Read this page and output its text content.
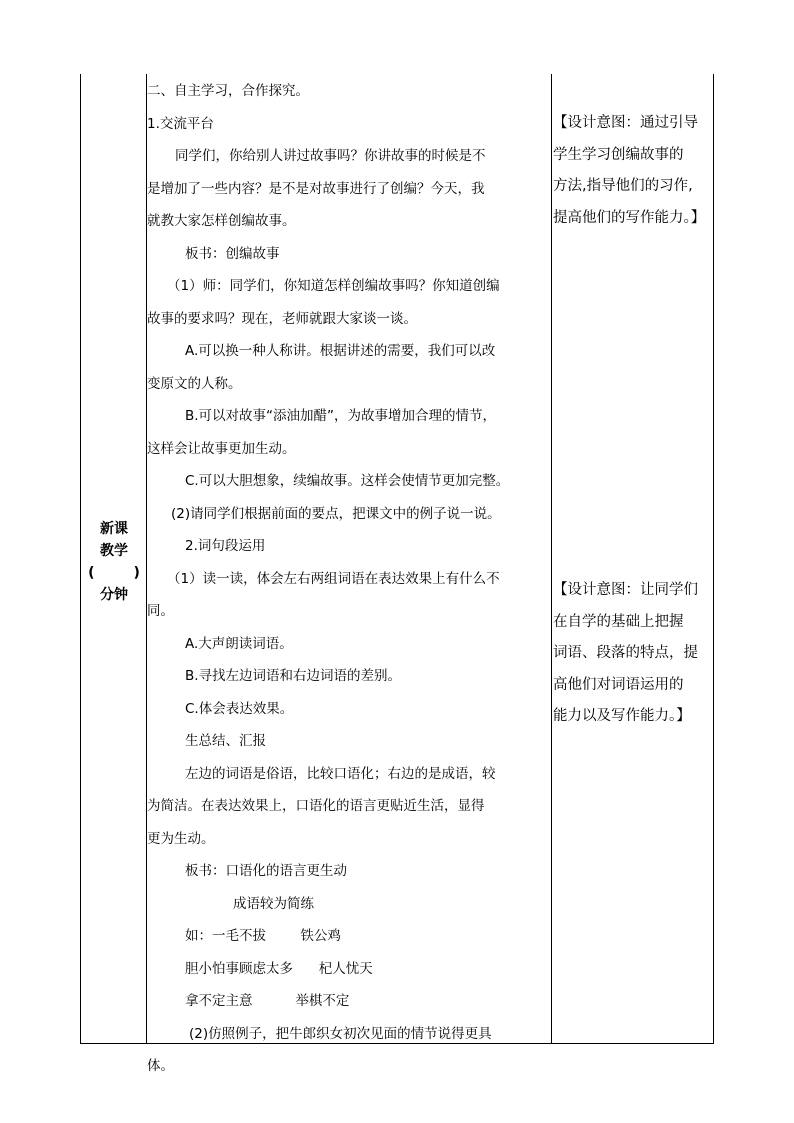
新课
教学
(        )
分钟
二、自主学习，合作探究。
1.交流平台
同学们，你给别人讲过故事吗？你讲故事的时候是不
是增加了一些内容？是不是对故事进行了创编？今天，我
就教大家怎样创编故事。
板书：创编故事
（1）师：同学们，你知道怎样创编故事吗？你知道创编
故事的要求吗？现在，老师就跟大家谈一谈。
A.可以换一种人称讲。根据讲述的需要，我们可以改
变原文的人称。
B.可以对故事“添油加醋”，为故事增加合理的情节，
这样会让故事更加生动。
C.可以大胆想象，续编故事。这样会使情节更加完整。
(2)请同学们根据前面的要点，把课文中的例子说一说。
2.词句段运用
（1）读一读，体会左右两组词语在表达效果上有什么不
同。
A.大声朗读词语。
B.寻找左边词语和右边词语的差别。
C.体会表达效果。
生总结、汇报
左边的词语是俗语，比较口语化；右边的是成语，较
为简洁。在表达效果上，口语化的语言更贴近生活，显得
更为生动。
板书：口语化的语言更生动
成语较为简练
如：一毛不拔        铁公鸡
胆小怕事顾虑太多      杞人忧天
拿不定主意          举棋不定
(2)仿照例子，把牛郎织女初次见面的情节说得更具
体。
【设计意图：通过引导
学生学习创编故事的
方法,指导他们的习作,
提高他们的写作能力。】
【设计意图：让同学们
在自学的基础上把握
词语、段落的特点，提
高他们对词语运用的
能力以及写作能力。】
